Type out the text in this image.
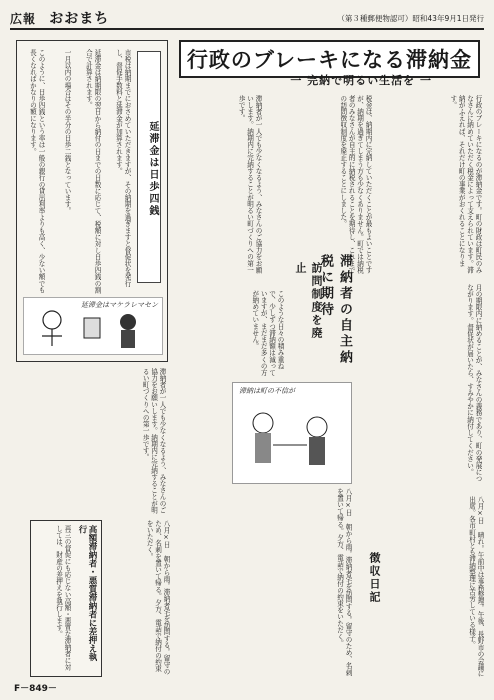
広報 おおまち	（第３種郵便物認可）昭和43年9月1日発行
延滞金は日歩四銭
市税は納期までにおさめていただきますが、その納期を過ぎますと督促状を発行し、督促手数料と延滞金が加算されます。
延滞金は納期限の翌日から納付の日までの日数に応じて、税額に対し日歩四銭の割合で計算されます。
一月以内の場合はその半分の日歩二銭となっています。
このように、日歩四銭という率は一般の銀行の貸出利率よりも高く、少ない額でも長くなればかなりの額になります。
延滞金はマケラレマセン
行政のブレーキになる滞納金
一 完納で明るい生活を 一
行政のブレーキになるのが滞納金です。町の財政は町民のみなさんに納めていただく税金によって支えられています。滞納がふえれば、それだけ町の事業がおくれることになります。
税金は、納期内に完納していただくことが最もよいことですが、納期を過ぎてしまう方も少なくありません。町では納税者のみなさんが自主的に納税されることを期待し、これまでの訪問徴収制度を廃止することにしました。
滞納者が一人でも少なくなるよう、みなさんのご協力をお願いします。納期内に完納することが明るい町づくりへの第一歩です。
滞納者の自主納税に期待
訪問制度を廃止
月の期限内に納めることが、みなさんの義務であり、町の発展につながります。督促状が届いたら、すみやかに納付してください。
このような日々の積み重ねで、少しずつ滞納額は減っていますが、まだまだ多くの方が納めていません。
滞納者が一人でも少なくなるよう、みなさんのご協力をお願いします。納期内に完納することが明るい町づくりへの第一歩です。	滞納は町の不信が
八月×日 朝から雨。滞納者宅を訪問する。留守のため、名刺を置いて帰る。夕方、電話で納付の約束をいただく。	徴収日記	八月×日 晴れ。午前中は事務整理。午後、長野市の会議に出席。各市町村とも滞納整理に苦労している様子。
八月×日 朝から雨。滞納者宅を訪問する。留守のため、名刺を置いて帰る。夕方、電話で納付の約束をいただく。
高額滞納者・悪質滞納者に差押え執行
再三の督促にも応じない高額・悪質な滞納者に対しては、財産の差押えを執行します。
F－849－
